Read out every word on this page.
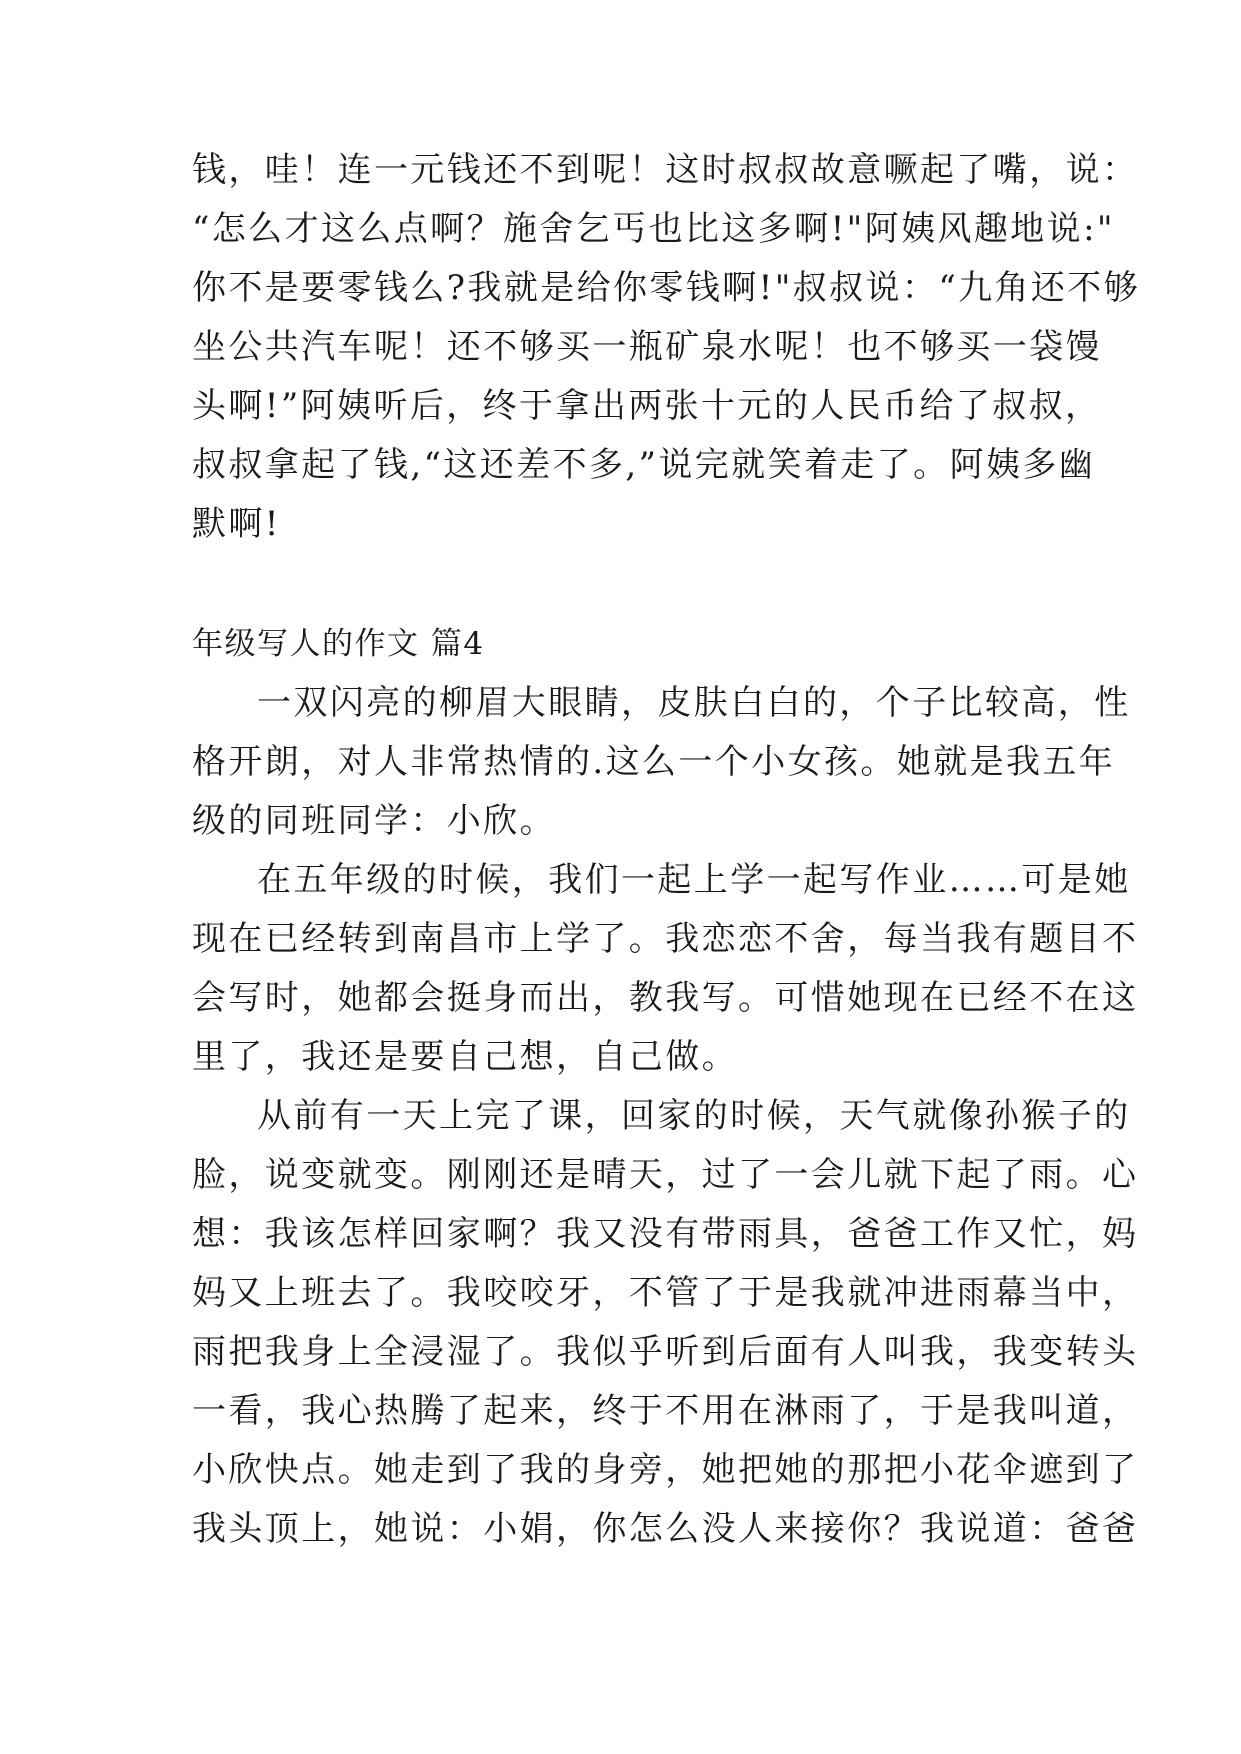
钱，哇！连一元钱还不到呢！这时叔叔故意噘起了嘴，说：
“怎么才这么点啊？施舍乞丐也比这多啊!"阿姨风趣地说:"
你不是要零钱么?我就是给你零钱啊!"叔叔说：“九角还不够
坐公共汽车呢！还不够买一瓶矿泉水呢！也不够买一袋馒
头啊!”阿姨听后，终于拿出两张十元的人民币给了叔叔，
叔叔拿起了钱,“这还差不多,”说完就笑着走了。阿姨多幽
默啊!
年级写人的作文 篇4
一双闪亮的柳眉大眼睛，皮肤白白的，个子比较高，性
格开朗，对人非常热情的.这么一个小女孩。她就是我五年
级的同班同学：小欣。
在五年级的时候，我们一起上学一起写作业……可是她
现在已经转到南昌市上学了。我恋恋不舍，每当我有题目不
会写时，她都会挺身而出，教我写。可惜她现在已经不在这
里了，我还是要自己想，自己做。
从前有一天上完了课，回家的时候，天气就像孙猴子的
脸，说变就变。刚刚还是晴天，过了一会儿就下起了雨。心
想：我该怎样回家啊？我又没有带雨具，爸爸工作又忙，妈
妈又上班去了。我咬咬牙，不管了于是我就冲进雨幕当中，
雨把我身上全浸湿了。我似乎听到后面有人叫我，我变转头
一看，我心热腾了起来，终于不用在淋雨了，于是我叫道，
小欣快点。她走到了我的身旁，她把她的那把小花伞遮到了
我头顶上，她说：小娟，你怎么没人来接你？我说道：爸爸
